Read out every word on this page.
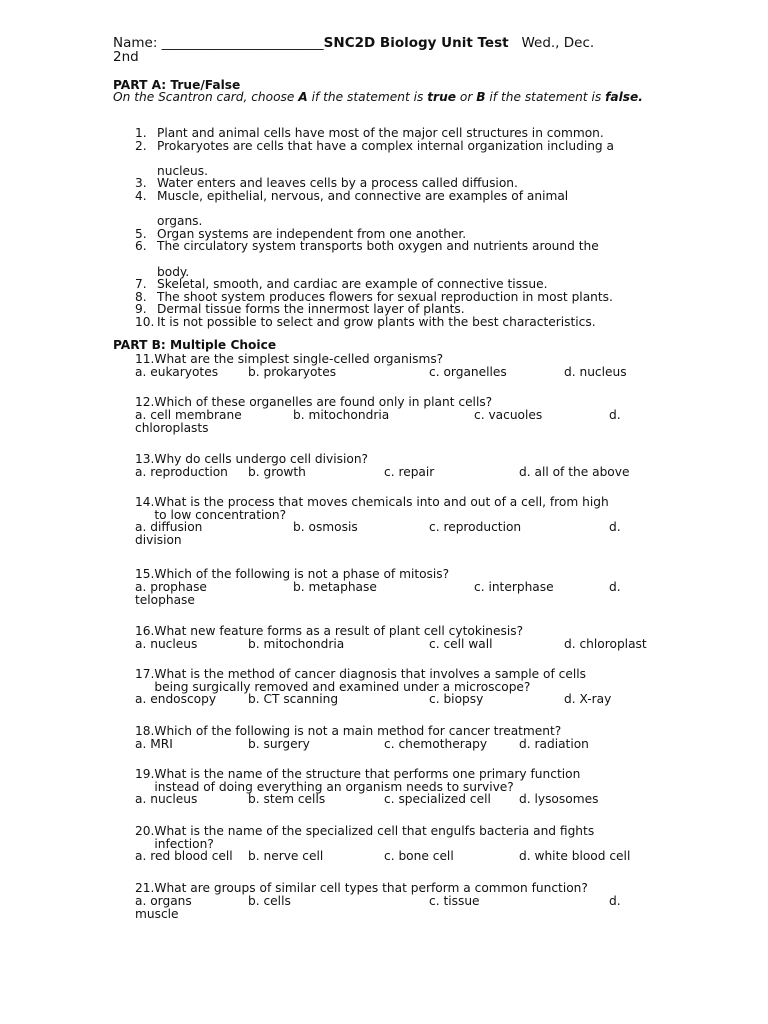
Name: ________________________SNC2D Biology Unit Test Wed., Dec.
2nd
PART A: True/False
On the Scantron card, choose A if the statement is true or B if the statement is false.
1. Plant and animal cells have most of the major cell structures in common.
2. Prokaryotes are cells that have a complex internal organization including a
nucleus.
3. Water enters and leaves cells by a process called diffusion.
4. Muscle, epithelial, nervous, and connective are examples of animal
organs.
5. Organ systems are independent from one another.
6. The circulatory system transports both oxygen and nutrients around the
body.
7. Skeletal, smooth, and cardiac are example of connective tissue.
8. The shoot system produces flowers for sexual reproduction in most plants.
9. Dermal tissue forms the innermost layer of plants.
10. It is not possible to select and grow plants with the best characteristics.
PART B: Multiple Choice
11. What are the simplest single-celled organisms?
a. eukaryotes b. prokaryotes	c. organelles	d. nucleus
12. Which of these organelles are found only in plant cells?
a. cell membrane	b. mitochondria	c. vacuoles	d.
chloroplasts
13. Why do cells undergo cell division?
a. reproduction b. growth	c. repair	d. all of the above
14. What is the process that moves chemicals into and out of a cell, from high
to low concentration?
a. diffusion	b. osmosis	c. reproduction	d.
division
15. Which of the following is not a phase of mitosis?
a. prophase	b. metaphase	c. interphase	d.
telophase
16. What new feature forms as a result of plant cell cytokinesis?
a. nucleus	b. mitochondria	c. cell wall	d. chloroplast
17. What is the method of cancer diagnosis that involves a sample of cells
being surgically removed and examined under a microscope?
a. endoscopy	b. CT scanning	c. biopsy	d. X-ray
18. Which of the following is not a main method for cancer treatment?
a. MRI	b. surgery	c. chemotherapy	d. radiation
19. What is the name of the structure that performs one primary function
instead of doing everything an organism needs to survive?
a. nucleus	b. stem cells	c. specialized cell d. lysosomes
20. What is the name of the specialized cell that engulfs bacteria and fights
infection?
a. red blood cell b. nerve cell	c. bone cell	d. white blood cell
21. What are groups of similar cell types that perform a common function?
a. organs	b. cells	c. tissue	d.
muscle
